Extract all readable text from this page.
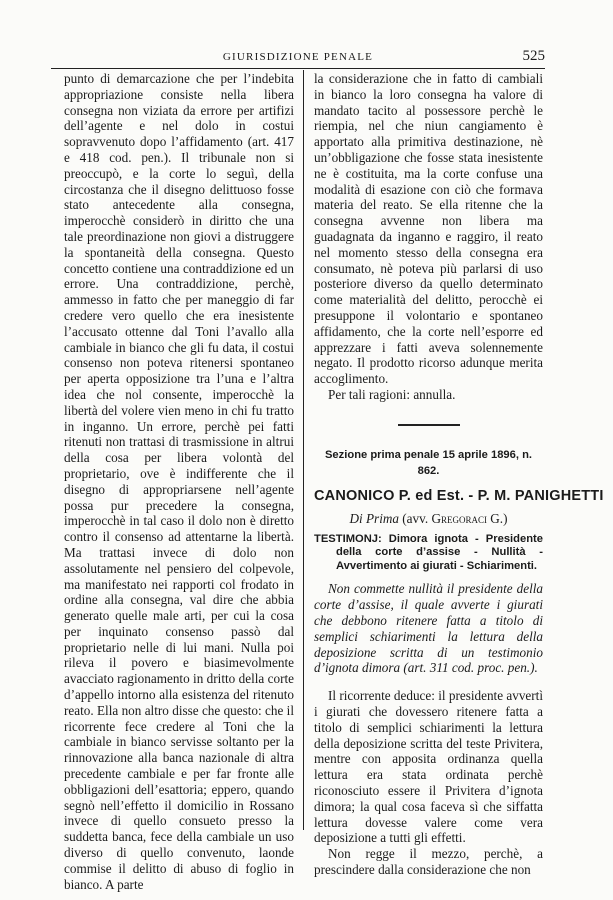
GIURISDIZIONE PENALE	525

punto di demarcazione che per l’indebita appropriazione consiste nella libera consegna non viziata da errore per artifizi dell’agente e nel dolo in costui sopravvenuto dopo l’affidamento (art. 417 e 418 cod. pen.). Il tribunale non si preoccupò, e la corte lo seguì, della circostanza che il disegno delittuoso fosse stato antecedente alla consegna, imperocchè considerò in diritto che una tale preordinazione non giovi a distruggere la spontaneità della consegna. Questo concetto contiene una contraddizione ed un errore. Una contraddizione, perchè, ammesso in fatto che per maneggio di far credere vero quello che era inesistente l’accusato ottenne dal Toni l’avallo alla cambiale in bianco che gli fu data, il costui consenso non poteva ritenersi spontaneo per aperta opposizione tra l’una e l’altra idea che nol consente, imperocchè la libertà del volere vien meno in chi fu tratto in inganno. Un errore, perchè pei fatti ritenuti non trattasi di trasmissione in altrui della cosa per libera volontà del proprietario, ove è indifferente che il disegno di appropriarsene nell’agente possa pur precedere la consegna, imperocchè in tal caso il dolo non è diretto contro il consenso ad attentarne la libertà. Ma trattasi invece di dolo non assolutamente nel pensiero del colpevole, ma manifestato nei rapporti col frodato in ordine alla consegna, val dire che abbia generato quelle male arti, per cui la cosa per inquinato consenso passò dal proprietario nelle di lui mani. Nulla poi rileva il povero e biasimevolmente avacciato ragionamento in dritto della corte d’appello intorno alla esistenza del ritenuto reato. Ella non altro disse che questo: che il ricorrente fece credere al Toni che la cambiale in bianco servisse soltanto per la rinnovazione alla banca nazionale di altra precedente cambiale e per far fronte alle obbligazioni dell’esattoria; eppero, quando segnò nell’effetto il domicilio in Rossano invece di quello consueto presso la suddetta banca, fece della cambiale un uso diverso di quello convenuto, laonde commise il delitto di abuso di foglio in bianco. A parte

la considerazione che in fatto di cambiali in bianco la loro consegna ha valore di mandato tacito al possessore perchè le riempia, nel che niun cangiamento è apportato alla primitiva destinazione, nè un’obbligazione che fosse stata inesistente ne è costituita, ma la corte confuse una modalità di esazione con ciò che formava materia del reato. Se ella ritenne che la consegna avvenne non libera ma guadagnata da inganno e raggiro, il reato nel momento stesso della consegna era consumato, nè poteva più parlarsi di uso posteriore diverso da quello determinato come materialità del delitto, perocchè ei presuppone il volontario e spontaneo affidamento, che la corte nell’esporre ed apprezzare i fatti aveva solennemente negato. Il prodotto ricorso adunque merita accoglimento.

Per tali ragioni: annulla.

Sezione prima penale 15 aprile 1896, n. 862.
CANONICO P. ed Est. - P. M. PANIGHETTI
Di Prima (avv. Gregoraci G.)
TESTIMONJ: Dimora ignota - Presidente della corte d’assise - Nullità - Avvertimento ai giurati - Schiarimenti.

Non commette nullità il presidente della corte d’assise, il quale avverte i giurati che debbono ritenere fatta a titolo di semplici schiarimenti la lettura della deposizione scritta di un testimonio d’ignota dimora (art. 311 cod. proc. pen.).

Il ricorrente deduce: il presidente avvertì i giurati che dovessero ritenere fatta a titolo di semplici schiarimenti la lettura della deposizione scritta del teste Privitera, mentre con apposita ordinanza quella lettura era stata ordinata perchè riconosciuto essere il Privitera d’ignota dimora; la qual cosa faceva sì che siffatta lettura dovesse valere come vera deposizione a tutti gli effetti.

Non regge il mezzo, perchè, a prescindere dalla considerazione che non
